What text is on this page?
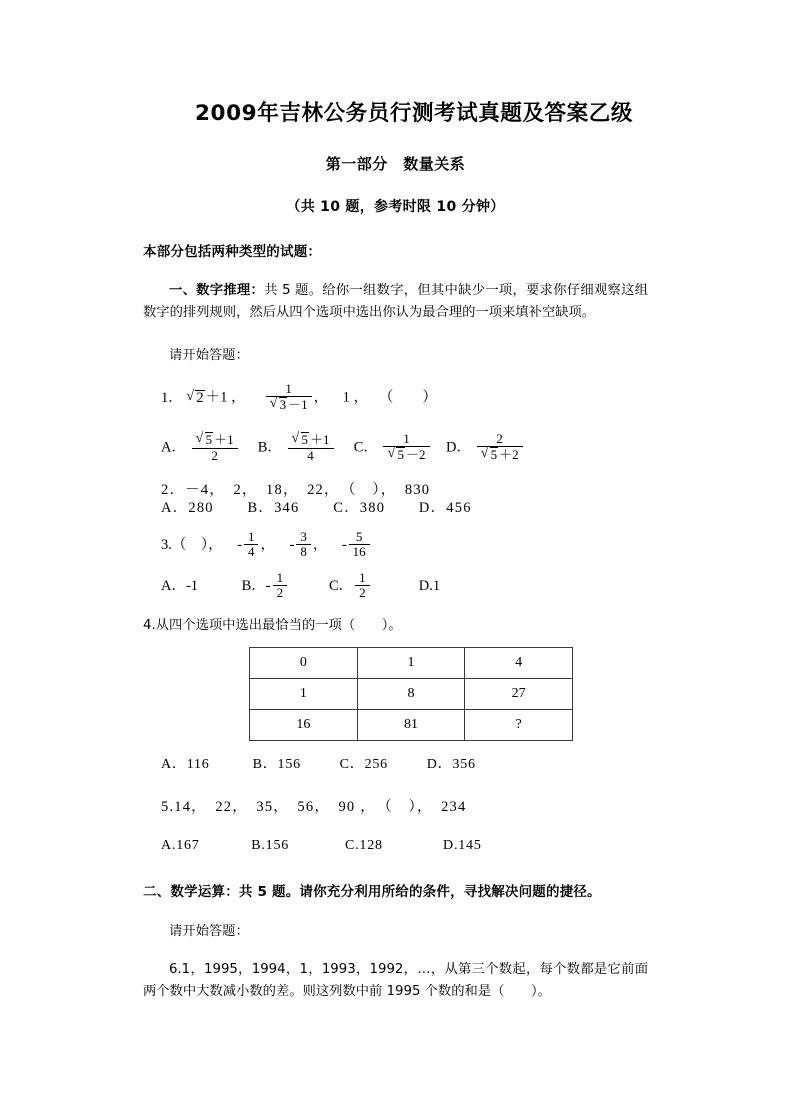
2009年吉林公务员行测考试真题及答案乙级
第一部分　数量关系
（共 10 题，参考时限 10 分钟）
本部分包括两种类型的试题：
一、数字推理：共 5 题。给你一组数字，但其中缺少一项，要求你仔细观察这组数字的排列规则，然后从四个选项中选出你认为最合理的一项来填补空缺项。
请开始答题：
1． √ 2 ＋1 ， 1
√ 3 －1 ， 1 ， （　　）
A． √ $\frac{5 +1}{2}$ B． √ $\frac{5 +1}{4}$ C． 1
√ 5 －2 D． 2
√ 5 ＋2
2．－4，　2，　18，　22，　（　），　830
A．280 B．346 C．380 D．456
3.（　）， - $\frac{1}{4}$ ， - $\frac{3}{8}$ ， - $\frac{5}{16}$
A．-1	B．- $\frac{1}{2}$	C． $\frac{1}{2}$	D.1
4.从四个选项中选出最恰当的一项（　　）。
0	1	4
1	8	27
16	81	?
A．116	B．156	C．256	D．356
5.14，　22，　35，　56，　90 ，　（　），　234
A.167	B.156	C.128	D.145
二、数学运算：共 5 题。请你充分利用所给的条件，寻找解决问题的捷径。
请开始答题：
6.1，1995，1994，1，1993，1992，…，从第三个数起，每个数都是它前面两个数中大数减小数的差。则这列数中前 1995 个数的和是（　　）。
